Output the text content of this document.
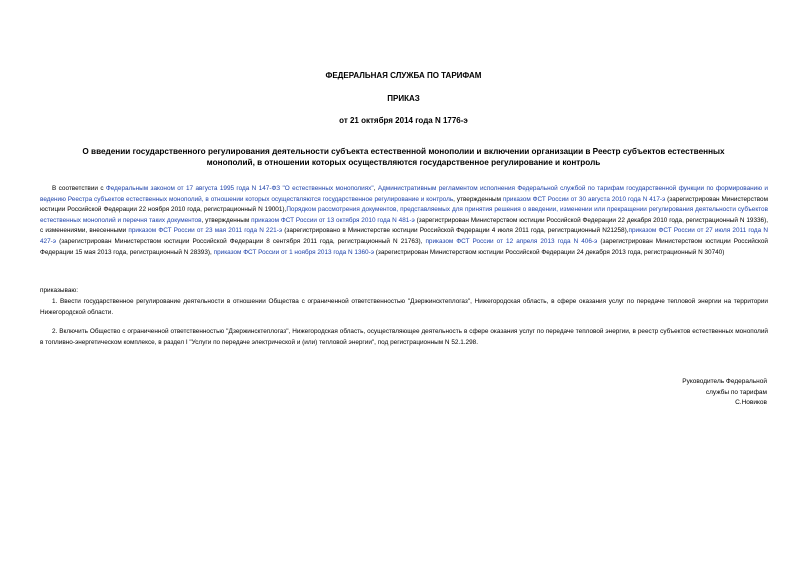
ФЕДЕРАЛЬНАЯ СЛУЖБА ПО ТАРИФАМ
ПРИКАЗ
от 21 октября 2014 года N 1776-э
О введении государственного регулирования деятельности субъекта естественной монополии и включении организации в Реестр субъектов естественных
монополий, в отношении которых осуществляются государственное регулирование и контроль
В соответствии с Федеральным законом от 17 августа 1995 года N 147-ФЗ "О естественных монополиях", Административным регламентом исполнения Федеральной службой по тарифам государственной функции по формированию и ведению Реестра субъектов естественных монополий, в отношении которых осуществляются государственное регулирование и контроль, утвержденным приказом ФСТ России от 30 августа 2010 года N 417-э (зарегистрирован Министерством юстиции Российской Федерации 22 ноября 2010 года, регистрационный N 19001),Порядком рассмотрения документов, представляемых для принятия решения о введении, изменении или прекращении регулирования деятельности субъектов естественных монополий и перечня таких документов, утвержденным приказом ФСТ России от 13 октября 2010 года N 481-э (зарегистрирован Министерством юстиции Российской Федерации 22 декабря 2010 года, регистрационный N 19336), с изменениями, внесенными приказом ФСТ России от 23 мая 2011 года N 221-э (зарегистрировано в Министерстве юстиции Российской Федерации 4 июля 2011 года, регистрационный N21258),приказом ФСТ России от 27 июля 2011 года N 427-э (зарегистрирован Министерством юстиции Российской Федерации 8 сентября 2011 года, регистрационный N 21763), приказом ФСТ России от 12 апреля 2013 года N 406-э (зарегистрирован Министерством юстиции Российской Федерации 15 мая 2013 года, регистрационный N 28393), приказом ФСТ России от 1 ноября 2013 года N 1360-э (зарегистрирован Министерством юстиции Российской Федерации 24 декабря 2013 года, регистрационный N 30740)
приказываю:
1. Ввести государственное регулирование деятельности в отношении Общества с ограниченной ответственностью "Дзержинсктеплогаз", Нижегородская область, в сфере оказания услуг по передаче тепловой энергии на территории Нижегородской области.
2. Включить Общество с ограниченной ответственностью "Дзержинсктеплогаз", Нижегородская область, осуществляющее деятельность в сфере оказания услуг по передаче тепловой энергии, в реестр субъектов естественных монополий в топливно-энергетическом комплексе, в раздел I "Услуги по передаче электрической и (или) тепловой энергии", под регистрационным N 52.1.298.
Руководитель Федеральной
службы по тарифам
С.Новиков
